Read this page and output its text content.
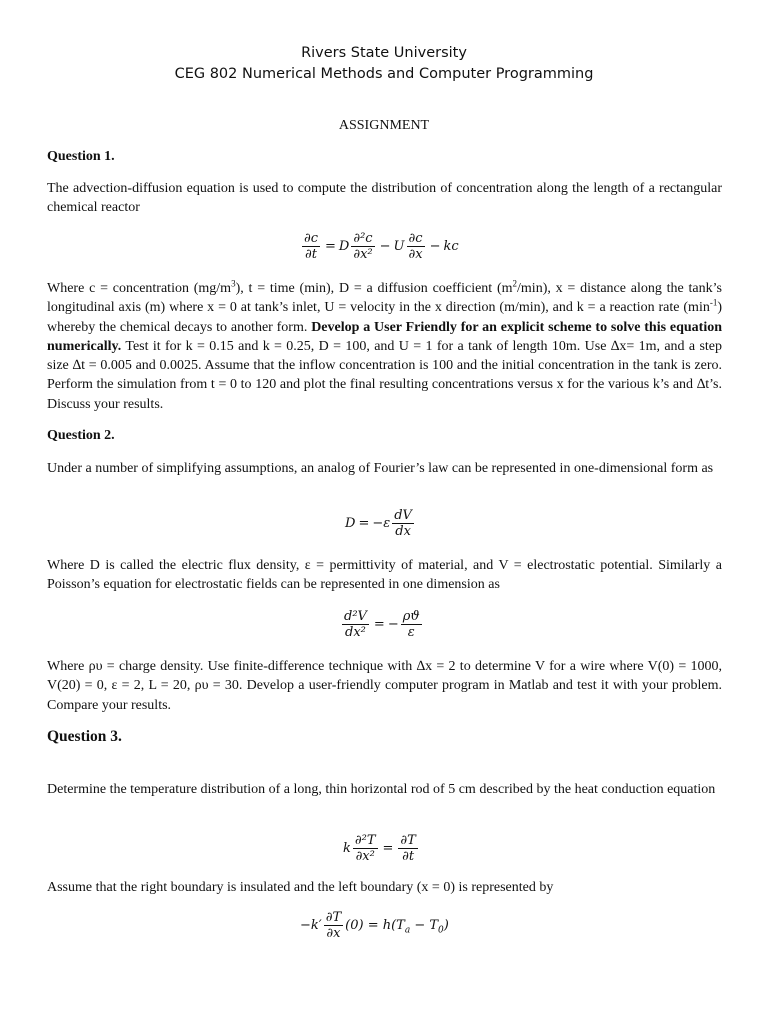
Rivers State University
CEG 802 Numerical Methods and Computer Programming
ASSIGNMENT
Question 1.
The advection-diffusion equation is used to compute the distribution of concentration along the length of a rectangular chemical reactor
$\frac{\partial c}{\partial t} = D \frac{\text{∂²c}}{\text{∂x²}} - U \frac{\partial c}{\partial x}$ − kc
Where c = concentration $(mg/m^3)$, t = time (min), D = a diffusion coefficient $(m^2/\min)$, x = distance along the tank’s longitudinal axis (m) where x = 0 at tank’s inlet, U = velocity in the x direction (m/min), and k = a reaction rate $(\min^{-1})$ whereby the chemical decays to another form. Develop a User Friendly for an explicit scheme to solve this equation numerically. Test it for k = 0.15 and k = 0.25, D = 100, and U = 1 for a tank of length 10m. Use ∆x= 1m, and a step size ∆t = 0.005 and 0.0025. Assume that the inflow concentration is 100 and the initial concentration in the tank is zero. Perform the simulation from t = 0 to 120 and plot the final resulting concentrations versus x for the various k’s and ∆t’s. Discuss your results.
Question 2.
Under a number of simplifying assumptions, an analog of Fourier’s law can be represented in one-dimensional form as
$D = -\varepsilon \frac{dV}{dx}$
Where D is called the electric flux density, ε = permittivity of material, and V = electrostatic potential. Similarly a Poisson’s equation for electrostatic fields can be represented in one dimension as
$\frac{\text{d²V}}{\text{dx²}}$ = − $\frac{\rho ϑ}{\varepsilon}$
Where ρυ = charge density. Use finite-difference technique with ∆x = 2 to determine V for a wire where V(0) = 1000, V(20) = 0, ε = 2, L = 20, ρυ = 30. Develop a user-friendly computer program in Matlab and test it with your problem. Compare your results.
Question 3.
Determine the temperature distribution of a long, thin horizontal rod of 5 cm described by the heat conduction equation
k $\frac{\text{∂²T}}{\text{∂x²}} = \frac{\partial T}{\partial t}$
Assume that the right boundary is insulated and the left boundary (x = 0) is represented by
$-k' \frac{\partial T}{\partial x} (0) = h(T_a - T_0)$
